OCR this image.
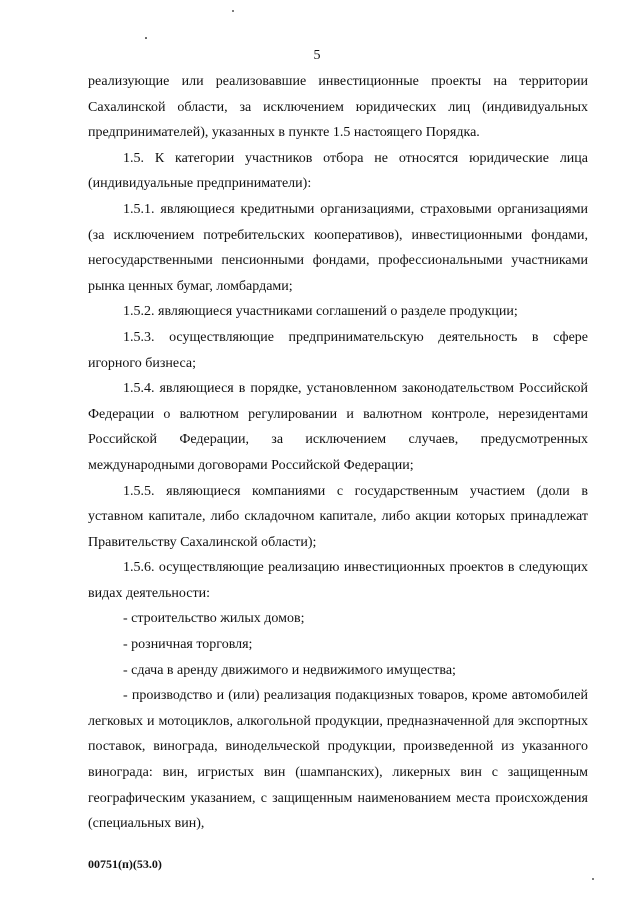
5

реализующие или реализовавшие инвестиционные проекты на территории Сахалинской области, за исключением юридических лиц (индивидуальных предпринимателей), указанных в пункте 1.5 настоящего Порядка.

1.5. К категории участников отбора не относятся юридические лица (индивидуальные предприниматели):

1.5.1. являющиеся кредитными организациями, страховыми организациями (за исключением потребительских кооперативов), инвестиционными фондами, негосударственными пенсионными фондами, профессиональными участниками рынка ценных бумаг, ломбардами;

1.5.2. являющиеся участниками соглашений о разделе продукции;

1.5.3. осуществляющие предпринимательскую деятельность в сфере игорного бизнеса;

1.5.4. являющиеся в порядке, установленном законодательством Российской Федерации о валютном регулировании и валютном контроле, нерезидентами Российской Федерации, за исключением случаев, предусмотренных международными договорами Российской Федерации;

1.5.5. являющиеся компаниями с государственным участием (доли в уставном капитале, либо складочном капитале, либо акции которых принадлежат Правительству Сахалинской области);

1.5.6. осуществляющие реализацию инвестиционных проектов в следующих видах деятельности:

- строительство жилых домов;

- розничная торговля;

- сдача в аренду движимого и недвижимого имущества;

- производство и (или) реализация подакцизных товаров, кроме автомобилей легковых и мотоциклов, алкогольной продукции, предназначенной для экспортных поставок, винограда, винодельческой продукции, произведенной из указанного винограда: вин, игристых вин (шампанских), ликерных вин с защищенным географическим указанием, с защищенным наименованием места происхождения (специальных вин),

00751(п)(53.0)
